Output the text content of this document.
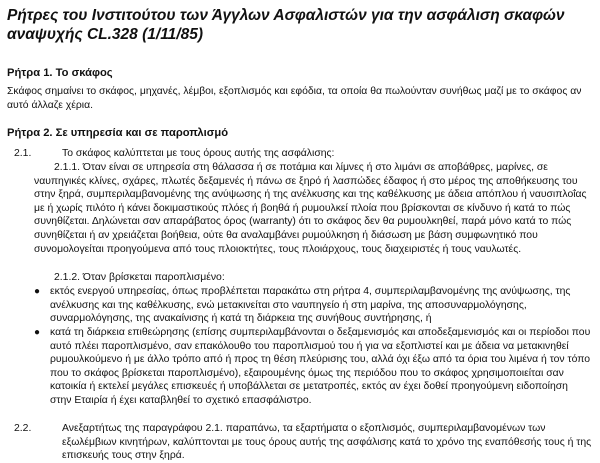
Ρήτρες του Ινστιτούτου των Άγγλων Ασφαλιστών για την ασφάλιση σκαφών αναψυχής CL.328 (1/11/85)
Ρήτρα 1. Το σκάφος

Σκάφος σημαίνει το σκάφος, μηχανές, λέμβοι, εξοπλισμός και εφόδια, τα οποία θα πωλούνταν συνήθως μαζί με το σκάφος αν αυτό άλλαζε χέρια.

Ρήτρα 2. Σε υπηρεσία και σε παροπλισμό
2.1.	Το σκάφος καλύπτεται με τους όρους αυτής της ασφάλισης:

2.1.1. Όταν είναι σε υπηρεσία στη θάλασσα ή σε ποτάμια και λίμνες ή στο λιμάνι σε αποβάθρες, μαρίνες, σε ναυπηγικές κλίνες, σχάρες, πλωτές δεξαμενές ή πάνω σε ξηρό ή λασπώδες έδαφος ή στο μέρος της αποθήκευσης του στην ξηρά, συμπεριλαμβανομένης της ανύψωσης ή της ανέλκυσης και της καθέλκυσης με άδεια απόπλου ή ναυσιπλοΐας με ή χωρίς πιλότο ή κάνει δοκιμαστικούς πλόες ή βοηθά ή ρυμουλκεί πλοία που βρίσκονται σε κίνδυνο ή κατά το πώς συνηθίζεται. Δηλώνεται σαν απαράβατος όρος (warranty) ότι το σκάφος δεν θα ρυμουλκηθεί, παρά μόνο κατά το πώς συνηθίζεται ή αν χρειάζεται βοήθεια, ούτε θα αναλαμβάνει ρυμούλκηση ή διάσωση με βάση συμφωνητικό που συνομολογείται προηγούμενα από τους πλοιοκτήτες, τους πλοιάρχους, τους διαχειριστές ή τους ναυλωτές.

2.1.2. Όταν βρίσκεται παροπλισμένο:

● εκτός ενεργού υπηρεσίας, όπως προβλέπεται παρακάτω στη ρήτρα 4, συμπεριλαμβανομένης της ανύψωσης, της ανέλκυσης και της καθέλκυσης, ενώ μετακινείται στο ναυπηγείο ή στη μαρίνα, της αποσυναρμολόγησης, συναρμολόγησης, της ανακαίνισης ή κατά τη διάρκεια της συνήθους συντήρησης, ή

● κατά τη διάρκεια επιθεώρησης (επίσης συμπεριλαμβάνονται ο δεξαμενισμός και αποδεξαμενισμός και οι περίοδοι που αυτό πλέει παροπλισμένο, σαν επακόλουθο του παροπλισμού του ή για να εξοπλιστεί και με άδεια να μετακινηθεί ρυμουλκούμενο ή με άλλο τρόπο από ή προς τη θέση πλεύρισης του, αλλά όχι έξω από τα όρια του λιμένα ή τον τόπο που το σκάφος βρίσκεται παροπλισμένο), εξαιρουμένης όμως της περιόδου που το σκάφος χρησιμοποιείται σαν κατοικία ή εκτελεί μεγάλες επισκευές ή υποβάλλεται σε μετατροπές, εκτός αν έχει δοθεί προηγούμενη ειδοποίηση στην Εταιρία ή έχει καταβληθεί το σχετικό επασφάλιστρο.

2.2.	Ανεξαρτήτως της παραγράφου 2.1. παραπάνω, τα εξαρτήματα ο εξοπλισμός, συμπεριλαμβανομένων των εξωλέμβιων κινητήρων, καλύπτονται με τους όρους αυτής της ασφάλισης κατά το χρόνο της εναπόθεσής τους ή της επισκευής τους στην ξηρά.
